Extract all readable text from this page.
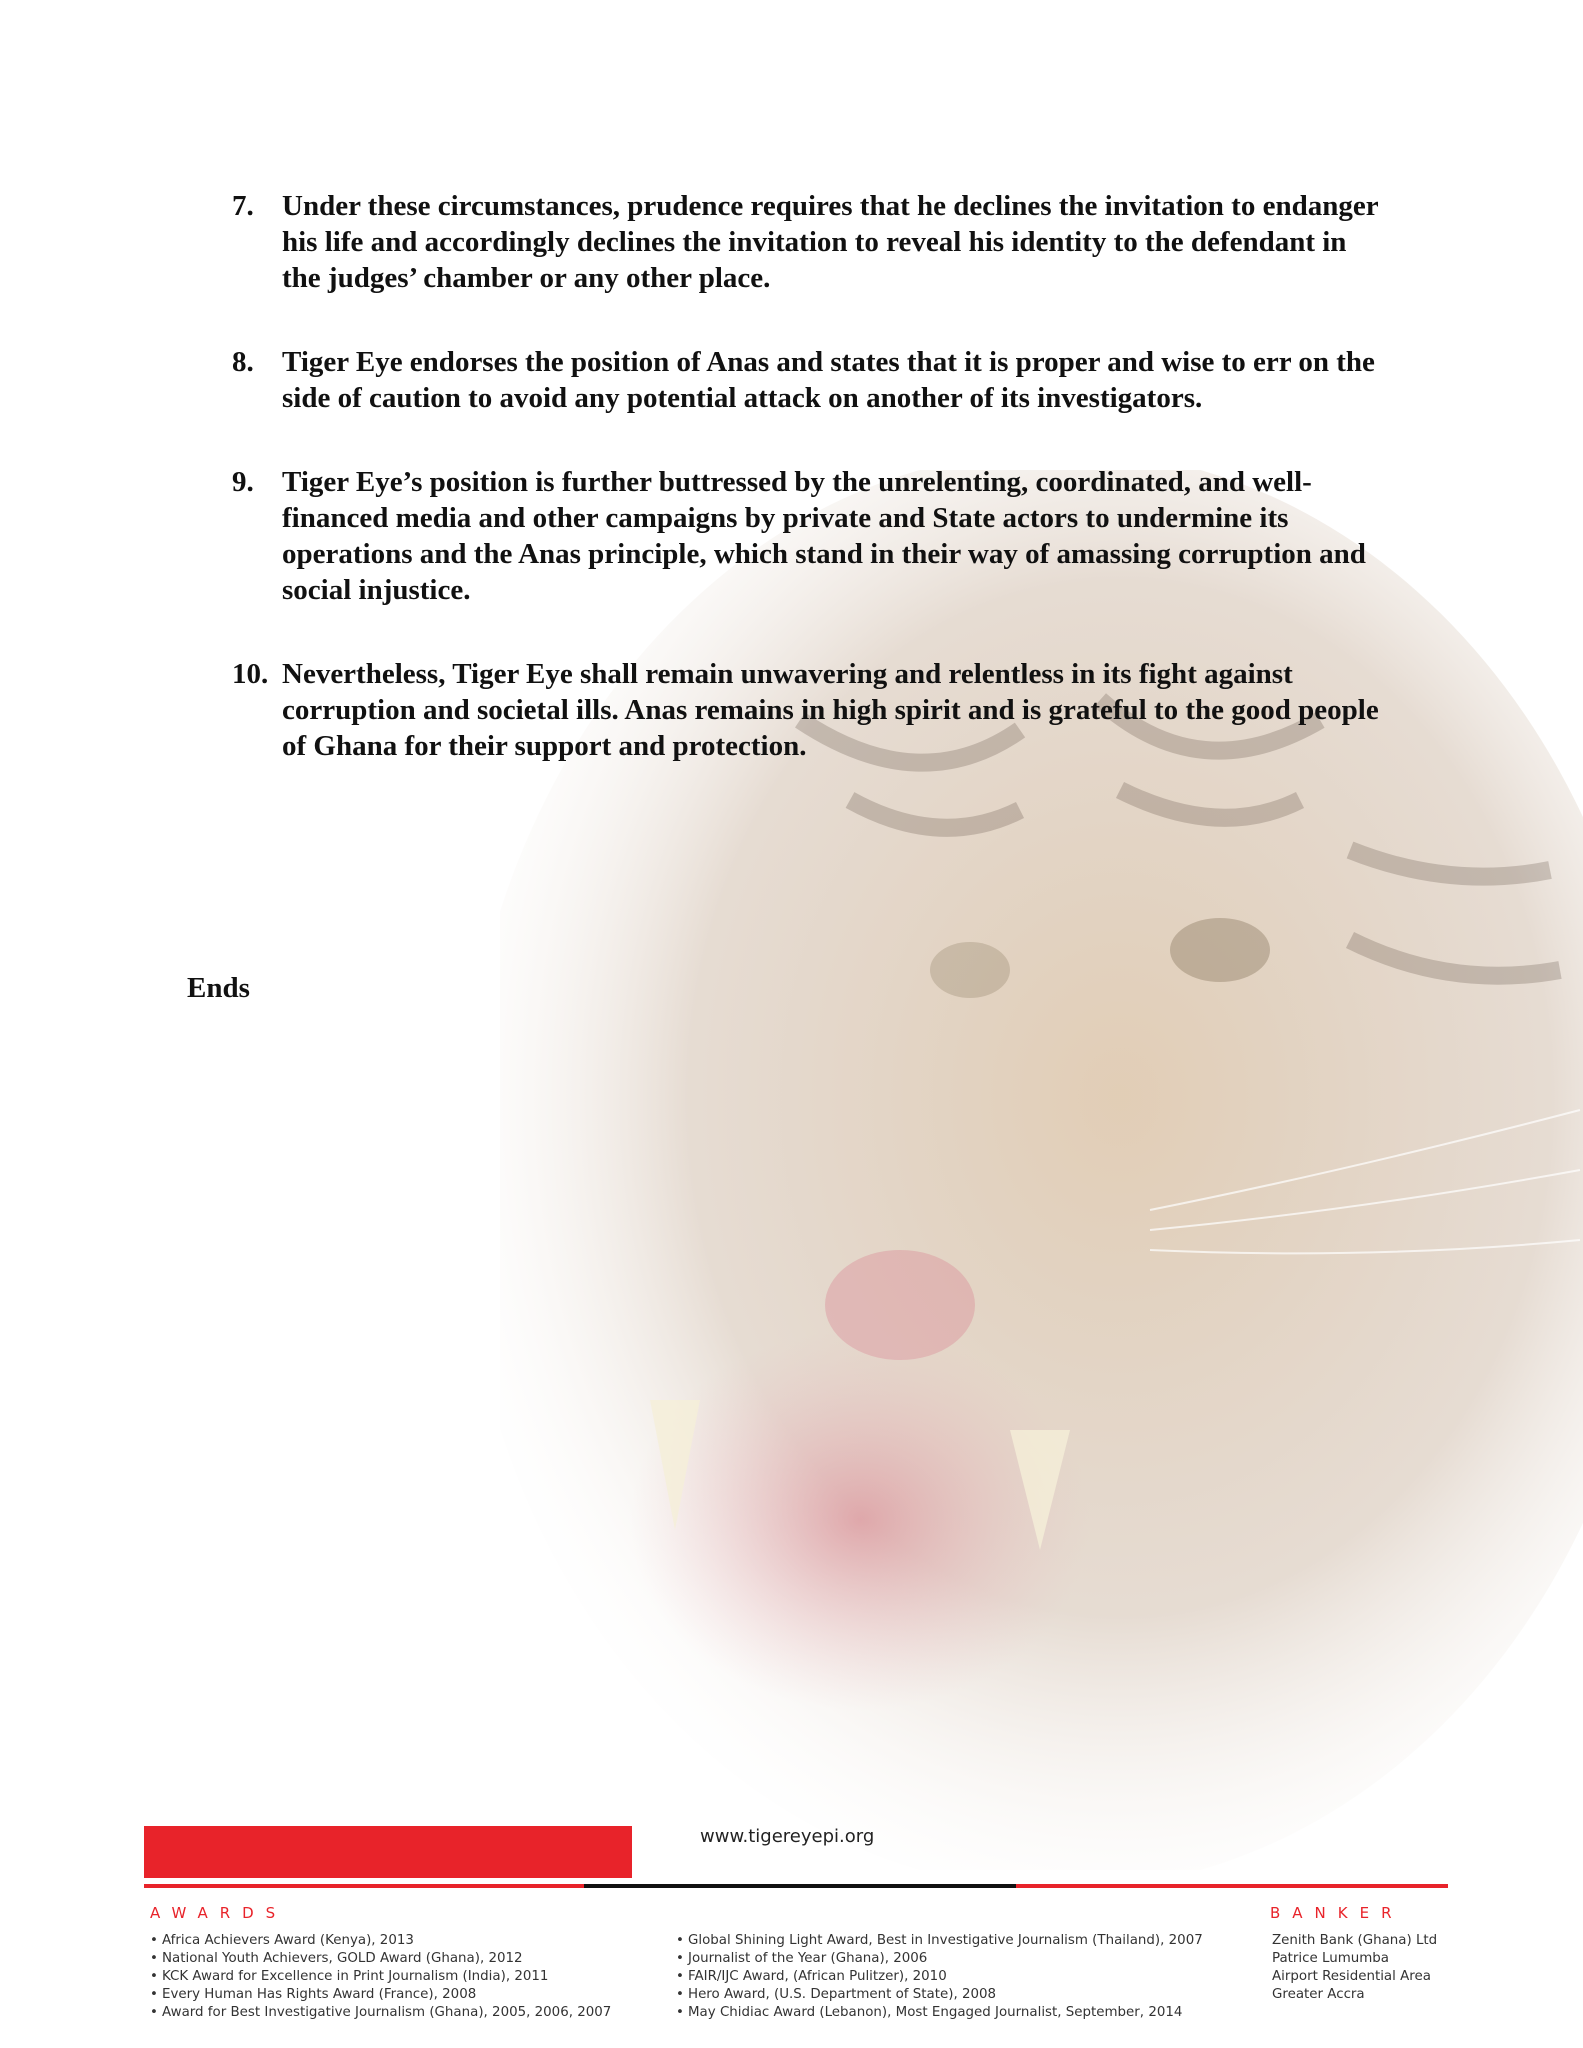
7. Under these circumstances, prudence requires that he declines the invitation to endanger his life and accordingly declines the invitation to reveal his identity to the defendant in the judges’ chamber or any other place.
8. Tiger Eye endorses the position of Anas and states that it is proper and wise to err on the side of caution to avoid any potential attack on another of its investigators.
9. Tiger Eye’s position is further buttressed by the unrelenting, coordinated, and well-financed media and other campaigns by private and State actors to undermine its operations and the Anas principle, which stand in their way of amassing corruption and social injustice.
10. Nevertheless, Tiger Eye shall remain unwavering and relentless in its fight against corruption and societal ills. Anas remains in high spirit and is grateful to the good people of Ghana for their support and protection.
Ends
www.tigereyepi.org
AWARDS
• Africa Achievers Award (Kenya), 2013
• National Youth Achievers, GOLD Award (Ghana), 2012
• KCK Award for Excellence in Print Journalism (India), 2011
• Every Human Has Rights Award (France), 2008
• Award for Best Investigative Journalism (Ghana), 2005, 2006, 2007
• Global Shining Light Award, Best in Investigative Journalism (Thailand), 2007
• Journalist of the Year (Ghana), 2006
• FAIR/IJC Award, (African Pulitzer), 2010
• Hero Award, (U.S. Department of State), 2008
• May Chidiac Award (Lebanon), Most Engaged Journalist, September, 2014
BANKER
Zenith Bank (Ghana) Ltd
Patrice Lumumba
Airport Residential Area
Greater Accra
